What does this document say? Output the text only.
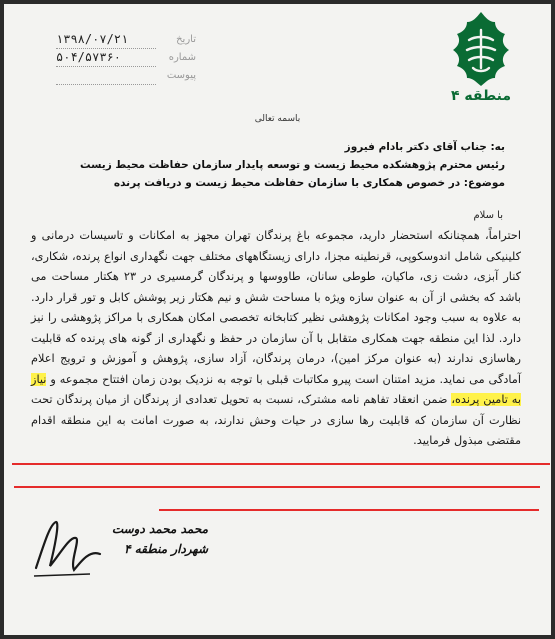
تاریخ
۱۳۹۸/۰۷/۲۱
شماره
۵۰۴/۵۷۳۶۰
پیوست
منطقه ۴
باسمه تعالی
به: جناب آقای دکتر بادام فیروز
رئیس محترم پژوهشکده محیط زیست و توسعه پایدار سازمان حفاظت محیط زیست
موضوع: در خصوص همکاری با سازمان حفاظت محیط زیست و دریافت پرنده
با سلام
احتراماً، همچنانکه استحضار دارید، مجموعه باغ پرندگان تهران مجهز به امکانات و تاسیسات درمانی و کلینیکی شامل اندوسکوپی، قرنطینه مجزا، دارای زیستگاههای مختلف جهت نگهداری انواع پرنده، شکاری، کنار آبزی، دشت زی، ماکیان، طوطی سانان، طاووسها و پرندگان گرمسیری در ۲۳ هکتار مساحت می باشد که بخشی از آن به عنوان سازه ویژه با مساحت شش و نیم هکتار زیر پوشش کابل و تور قرار دارد. به علاوه به سبب وجود امکانات پژوهشی نظیر کتابخانه تخصصی امکان همکاری با مراکز پژوهشی را نیز دارد. لذا این منطقه جهت همکاری متقابل با آن سازمان در حفظ و نگهداری از گونه های پرنده که قابلیت رهاسازی ندارند (به عنوان مرکز امین)، درمان پرندگان، آزاد سازی، پژوهش و آموزش و ترویج اعلام آمادگی می نماید. مزید امتنان است پیرو مکاتبات قبلی با توجه به نزدیک بودن زمان افتتاح مجموعه و نیاز به تامین پرنده، ضمن انعقاد تفاهم نامه مشترک، نسبت به تحویل تعدادی از پرندگان از میان پرندگان تحت نظارت آن سازمان که قابلیت رها سازی در حیات وحش ندارند، به صورت امانت به این منطقه اقدام مقتضی مبذول فرمایید.
محمد محمد دوست
شهردار منطقه ۴
